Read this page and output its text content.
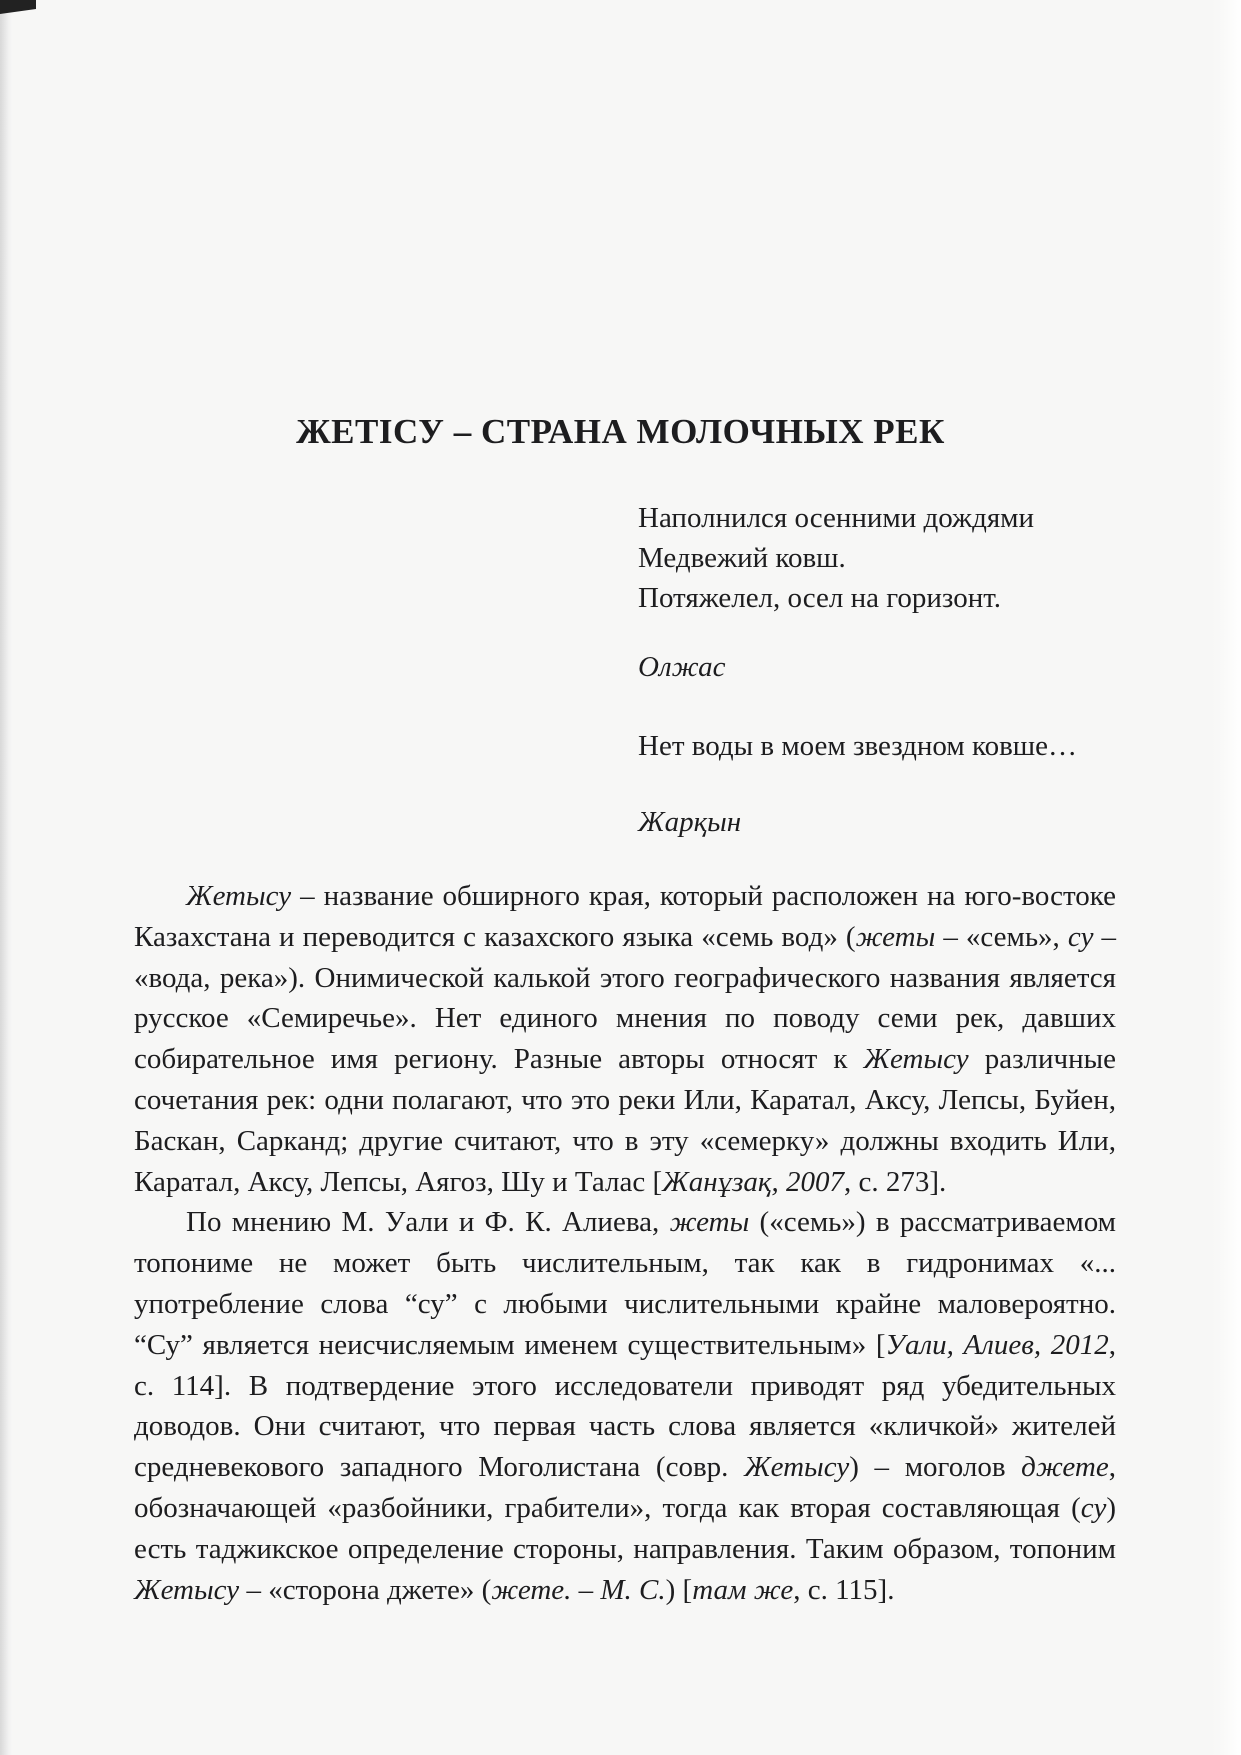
ЖЕТІСУ – СТРАНА МОЛОЧНЫХ РЕК
Наполнился осенними дождями
Медвежий ковш.
Потяжелел, осел на горизонт.
Олжас
Нет воды в моем звездном ковше…
Жарқын

Жетысу – название обширного края, который расположен на юго-востоке Казахстана и переводится с казахского языка «семь вод» (жеты – «семь», су – «вода, река»). Онимической калькой этого географического названия является русское «Семиречье». Нет единого мнения по поводу семи рек, давших собирательное имя региону. Разные авторы относят к Жетысу различные сочетания рек: одни полагают, что это реки Или, Каратал, Аксу, Лепсы, Буйен, Баскан, Сарканд; другие считают, что в эту «семерку» должны входить Или, Каратал, Аксу, Лепсы, Аягоз, Шу и Талас [Жанұзақ, 2007, с. 273].

По мнению М. Уали и Ф. К. Алиева, жеты («семь») в рассматриваемом топониме не может быть числительным, так как в гидронимах «... употребление слова “су” с любыми числительными крайне маловероятно. “Су” является неисчисляемым именем существительным» [Уали, Алиев, 2012, с. 114]. В подтвердение этого исследователи приводят ряд убедительных доводов. Они считают, что первая часть слова является «кличкой» жителей средневекового западного Моголистана (совр. Жетысу) – моголов джете, обозначающей «разбойники, грабители», тогда как вторая составляющая (су) есть таджикское определение стороны, направления. Таким образом, топоним Жетысу – «сторона джете» (жете. – М. С.) [там же, с. 115].
